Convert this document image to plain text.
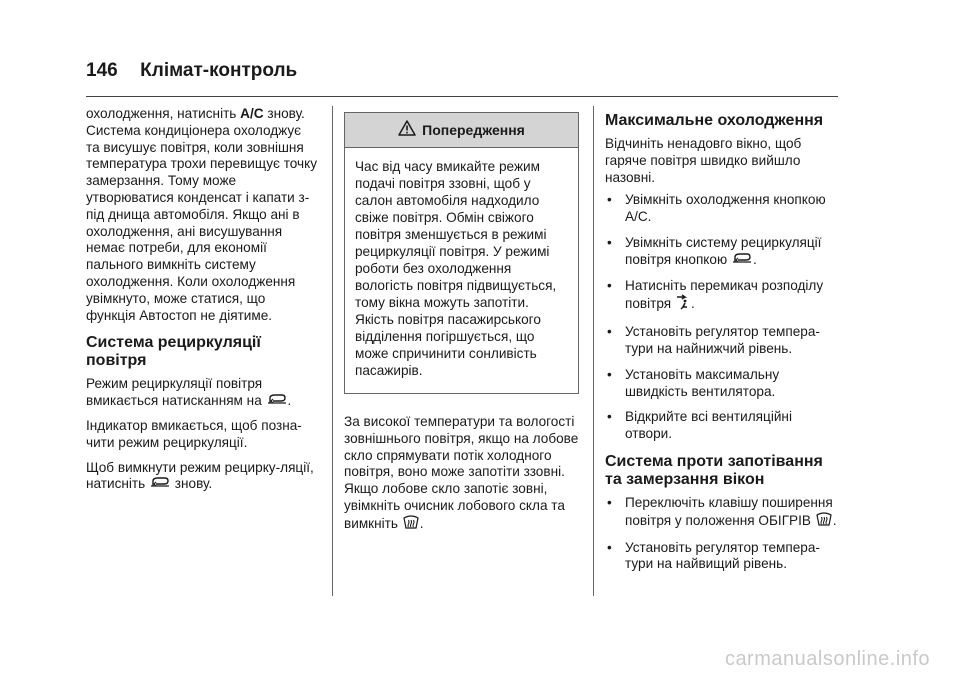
146 Клімат-контроль

охолодження, натисніть A/C знову. Система кондиціонера охолоджує та висушує повітря, коли зовнішня температура трохи перевищує точку замерзання. Тому може утворюватися конденсат і капати з-під днища автомобіля. Якщо ані в охолодження, ані висушування немає потреби, для економії пального вимкніть систему охолодження. Коли охолодження увімкнуто, може статися, що функція Автостоп не діятиме.

Система рециркуляції повітря

Режим рециркуляції повітря вмикається натисканням на .

Індикатор вмикається, щоб позна-чити режим рециркуляції.

Щоб вимкнути режим рецирку-ляції, натисніть  знову.

Попередження

Час від часу вмикайте режим подачі повітря ззовні, щоб у салон автомобіля надходило свіже повітря. Обмін свіжого повітря зменшується в режимі рециркуляції повітря. У режимі роботи без охолодження вологість повітря підвищується, тому вікна можуть запотіти. Якість повітря пасажирського відділення погіршується, що може спричинити сонливість пасажирів.

За високої температури та вологості зовнішнього повітря, якщо на лобове скло спрямувати потік холодного повітря, воно може запотіти ззовні. Якщо лобове скло запотіє зовні, увімкніть очисник лобового скла та вимкніть .

Максимальне охолодження

Відчиніть ненадовго вікно, щоб гаряче повітря швидко вийшло назовні.

• Увімкніть охолодження кнопкою A/C.
• Увімкніть систему рециркуляції повітря кнопкою .
• Натисніть перемикач розподілу повітря .
• Установіть регулятор темпера-тури на найнижчий рівень.
• Установіть максимальну швидкість вентилятора.
• Відкрийте всі вентиляційні отвори.
Система проти запотівання та замерзання вікон
• Переключіть клавішу поширення повітря у положення ОБІГРІВ .
• Установіть регулятор темпера-тури на найвищий рівень.
carmanualsonline.info
